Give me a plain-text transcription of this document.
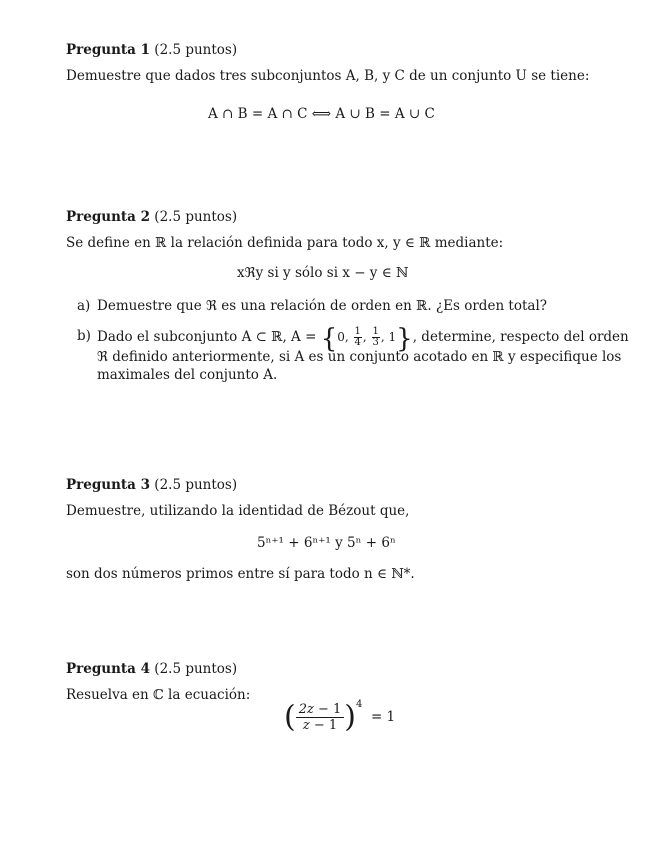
Pregunta 1 (2.5 puntos)

Demuestre que dados tres subconjuntos A, B, y C de un conjunto U se tiene:

A ∩ B = A ∩ C ⟺ A ∪ B = A ∪ C

Pregunta 2 (2.5 puntos)

Se define en ℝ la relación definida para todo x, y ∈ ℝ mediante:

xℜy si y sólo si x − y ∈ ℕ
a) Demuestre que ℜ es una relación de orden en ℝ. ¿Es orden total?
b) Dado el subconjunto A ⊂ ℝ, A = {0, $\frac{1}{4}$ , $\frac{1}{3}$ , 1}, determine, respecto del orden
ℜ definido anteriormente, si A es un conjunto acotado en ℝ y especifique los
maximales del conjunto A.

Pregunta 3 (2.5 puntos)

Demuestre, utilizando la identidad de Bézout que,

5ⁿ⁺¹ + 6ⁿ⁺¹ y 5ⁿ + 6ⁿ

son dos números primos entre sí para todo n ∈ ℕ*.

Pregunta 4 (2.5 puntos)

Resuelva en ℂ la ecuación:

( $\frac{2z - 1}{z - 1} )^4 = 1$
